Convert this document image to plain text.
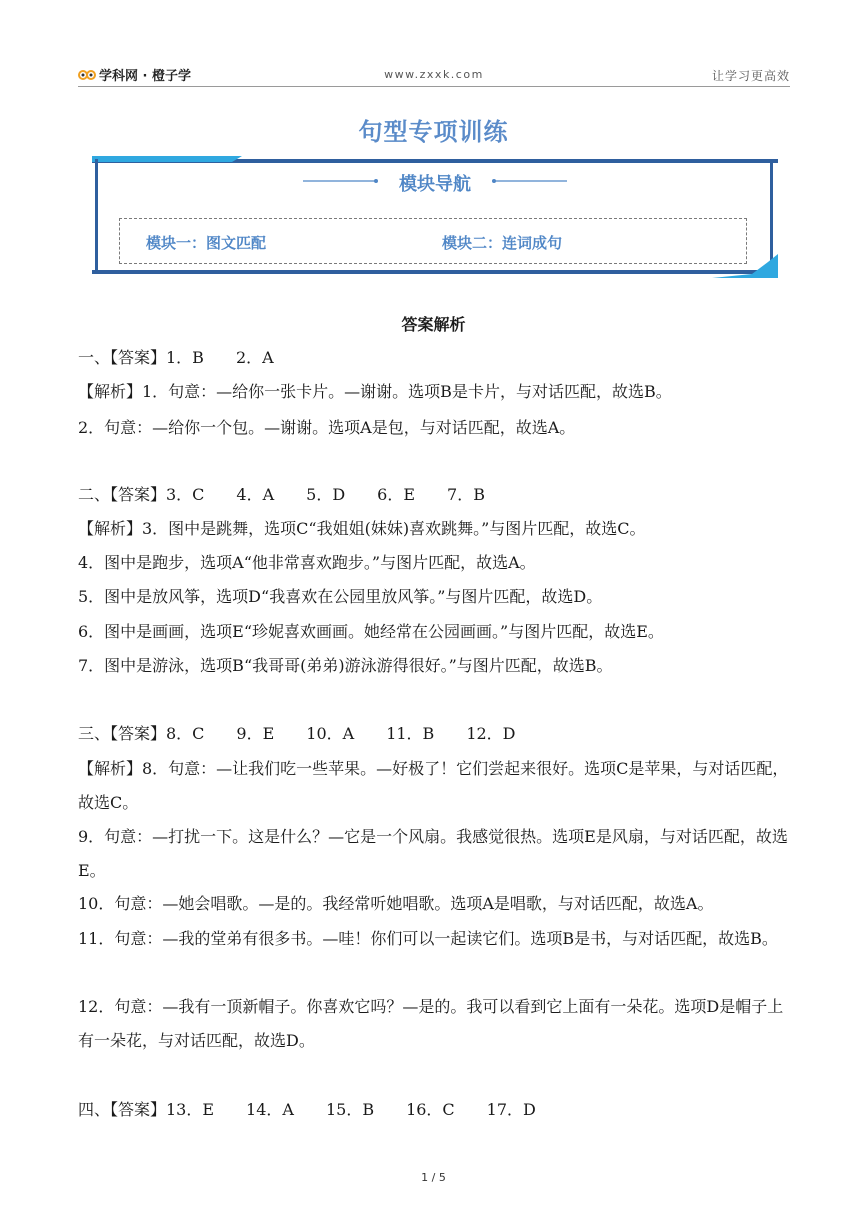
学科网 · 橙子学	www.zxxk.com	让学习更高效
句型专项训练
模块导航
模块一：图文匹配	模块二：连词成句
答案解析
一、【答案】1．B　　2．A
【解析】1．句意：—给你一张卡片。—谢谢。选项B是卡片，与对话匹配，故选B。
2．句意：—给你一个包。—谢谢。选项A是包，与对话匹配，故选A。
二、【答案】3．C　　4．A　　5．D　　6．E　　7．B
【解析】3．图中是跳舞，选项C“我姐姐(妹妹)喜欢跳舞。”与图片匹配，故选C。
4．图中是跑步，选项A“他非常喜欢跑步。”与图片匹配，故选A。
5．图中是放风筝，选项D“我喜欢在公园里放风筝。”与图片匹配，故选D。
6．图中是画画，选项E“珍妮喜欢画画。她经常在公园画画。”与图片匹配，故选E。
7．图中是游泳，选项B“我哥哥(弟弟)游泳游得很好。”与图片匹配，故选B。
三、【答案】8．C　　9．E　　10．A　　11．B　　12．D
【解析】8．句意：—让我们吃一些苹果。—好极了！它们尝起来很好。选项C是苹果，与对话匹配，故选C。
9．句意：—打扰一下。这是什么？—它是一个风扇。我感觉很热。选项E是风扇，与对话匹配，故选E。
10．句意：—她会唱歌。—是的。我经常听她唱歌。选项A是唱歌，与对话匹配，故选A。
11．句意：—我的堂弟有很多书。—哇！你们可以一起读它们。选项B是书，与对话匹配，故选B。
12．句意：—我有一顶新帽子。你喜欢它吗？—是的。我可以看到它上面有一朵花。选项D是帽子上有一朵花，与对话匹配，故选D。
四、【答案】13．E　　14．A　　15．B　　16．C　　17．D
1 / 5
